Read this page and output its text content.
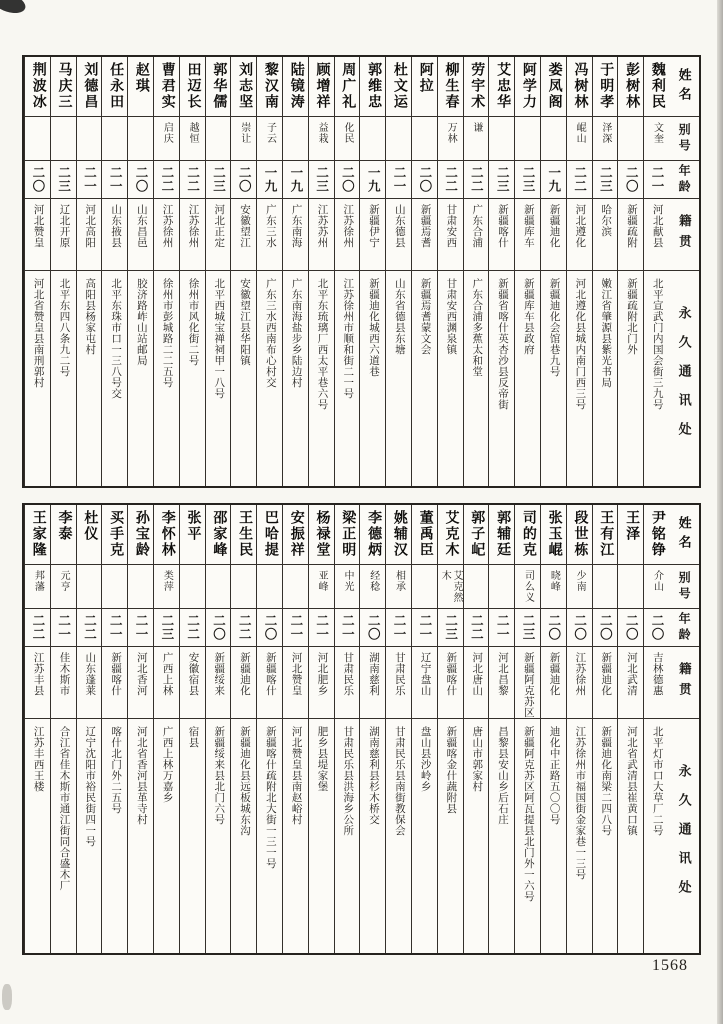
姓名
别号
年龄
籍贯
永久通讯处
魏利民
文奎
二一
河北献县
北平宣武门内国会街三九号
彭树林
二〇
新疆疏附
新疆疏附北门外
于明孝
泽深
二三
哈尔滨
嫩江省肇源县紫光书局
冯树林
崐山
二二
河北遵化
河北遵化县城内南门西三号
娄凤阁
一九
新疆迪化
新疆迪化会馆巷九号
阿学力
二三
新疆库车
新疆库车县政府
艾忠华
二三
新疆喀什
新疆省喀什英杏沙县反帝街
劳宇术
谦
二二
广东合浦
广东合浦多蕉太和堂
柳生春
万林
二二
甘肃安西
甘肃安西渊泉镇
阿拉
二〇
新疆焉耆
新疆焉耆蒙文会
杜文运
二一
山东德县
山东省德县东塘
郭维忠
一九
新疆伊宁
新疆迪化城西六道巷
周广礼
化民
二〇
江苏徐州
江苏徐州市顺和街二一号
顾增祥
益栽
二三
江苏苏州
北平东琉璃厂西太平巷六号
陆镜涛
一九
广东南海
广东南海盐步乡陆边村
黎汉南
子云
一九
广东三水
广东三水西南布心村交
刘志坚
崇让
二〇
安徽望江
安徽望江县华阳镇
郭华儒
二三
河北正定
北平西城宝禅祠甲一八号
田迈长
越恒
二二
江苏徐州
徐州市风化街二号
曹君实
启庆
二二
江苏徐州
徐州市彭城路二二五号
赵琪
二〇
山东昌邑
胶济路岞山站邮局
任永田
二一
山东掖县
北平东珠市口一三八号交
刘德昌
二一
河北高阳
高阳县杨家屯村
马庆三
二三
辽北开原
北平东四八条九二号
荆波冰
二〇
河北赞皇
河北省赞皇县南刑郭村
姓名
别号
年龄
籍贯
永久通讯处
尹铭铮
介山
二〇
吉林德惠
北平灯市口大草厂二号
王泽
二〇
河北武清
河北省武清县崔黄口镇
王有江
二〇
新疆迪化
新疆迪化南梁二四八号
段世栋
少南
二〇
江苏徐州
江苏徐州市福国街金家巷一三号
张玉崐
晓峰
二〇
新疆迪化
迪化中正路五〇〇号
司的克
司么义
二三
新疆阿克苏区
新疆阿克苏区阿瓦提县北门外一六号
郭辅廷
二一
河北昌黎
昌黎县安山乡后石庄
郭子屺
二二
河北唐山
唐山市郭家村
艾克木
艾克然木
二三
新疆喀什
新疆喀金什蔬附县
董禹臣
二一
辽宁盘山
盘山县沙岭乡
姚辅汉
相承
二一
甘肃民乐
甘肃民乐县南街教保会
李德炳
经稔
二〇
湖南慈利
湖南慈利县杉木桥交
梁正明
中光
二一
甘肃民乐
甘肃民乐县洪海乡公所
杨禄堂
亚峰
二一
河北肥乡
肥乡县堤家堡
安振祥
二一
河北赞皇
河北赞皇县南赵峪村
巴哈提
二〇
新疆喀什
新疆喀什疏附北大街一三一号
王生民
二二
新疆迪化
新疆迪化县远板城东沟
邵家峰
二〇
新疆绥来
新疆绥来县北门六号
张平
二二
安徽宿县
宿县
李怀林
类萍
二三
广西上林
广西上林万嘉乡
孙宝龄
二一
河北香河
河北省香河县革寺村
买手克
二一
新疆喀什
喀什北门外二五号
杜仪
二二
山东蓬莱
辽宁沈阳市裕民街四一号
李泰
元亨
二一
佳木斯市
合江省佳木斯市通江街同合盛木厂
王家隆
邦藩
二二
江苏丰县
江苏丰西王楼
1568
